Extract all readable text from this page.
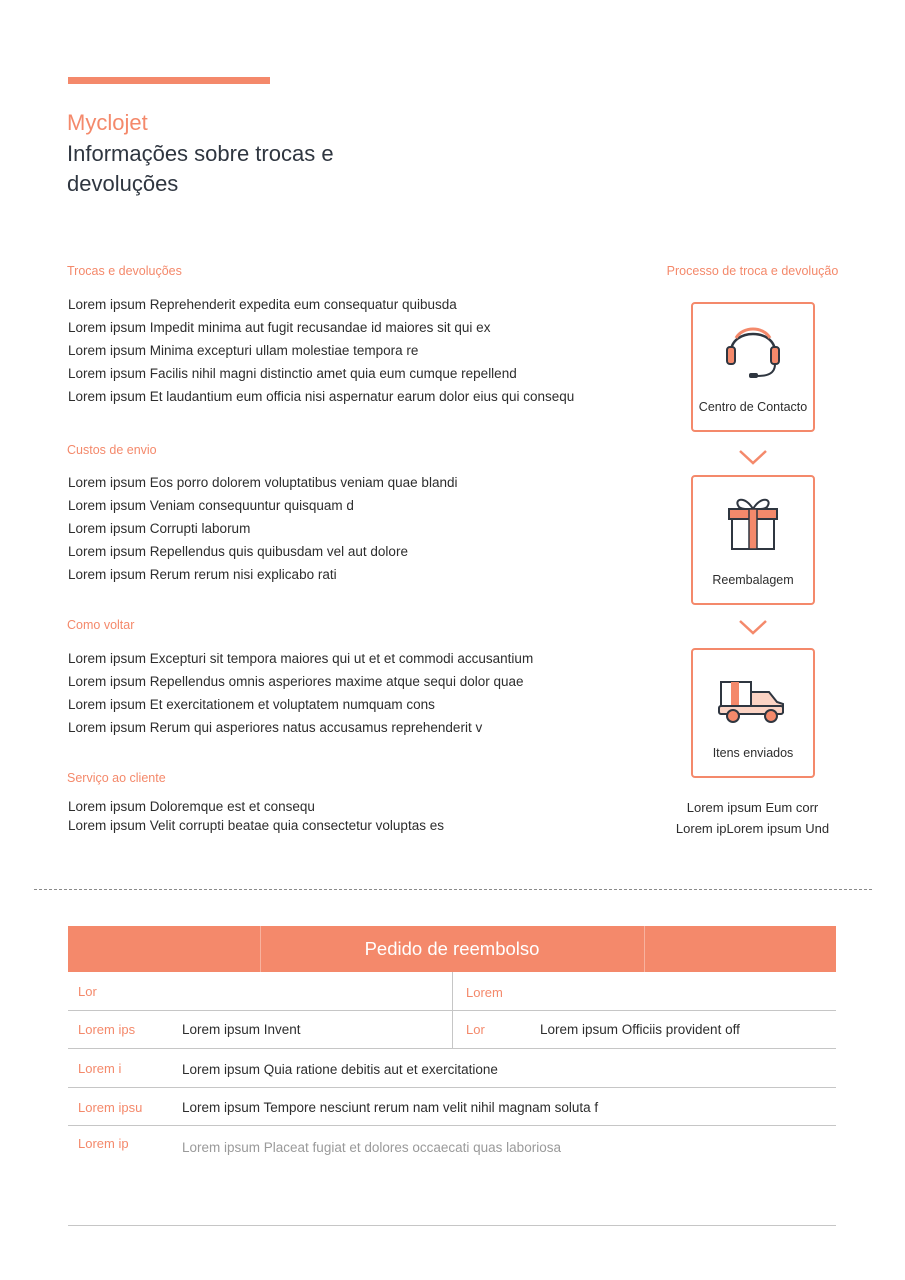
Myclojet
Informações sobre trocas e devoluções
Trocas e devoluções
Lorem ipsum Reprehenderit expedita eum consequatur quibusda
Lorem ipsum Impedit minima aut fugit recusandae id maiores sit qui ex
Lorem ipsum Minima excepturi ullam molestiae tempora re
Lorem ipsum Facilis nihil magni distinctio amet quia eum cumque repellend
Lorem ipsum Et laudantium eum officia nisi aspernatur earum dolor eius qui consequ
Custos de envio
Lorem ipsum Eos porro dolorem voluptatibus veniam quae blandi
Lorem ipsum Veniam consequuntur quisquam d
Lorem ipsum Corrupti laborum
Lorem ipsum Repellendus quis quibusdam vel aut dolore
Lorem ipsum Rerum rerum nisi explicabo rati
Como voltar
Lorem ipsum Excepturi sit tempora maiores qui ut et et commodi accusantium
Lorem ipsum Repellendus omnis asperiores maxime atque sequi dolor quae
Lorem ipsum Et exercitationem et voluptatem numquam cons
Lorem ipsum Rerum qui asperiores natus accusamus reprehenderit v
Serviço ao cliente
Lorem ipsum Doloremque est et consequ
Lorem ipsum Velit corrupti beatae quia consectetur voluptas es
Processo de troca e devolução
Centro de Contacto
Reembalagem
Itens enviados
Lorem ipsum Eum corr
Lorem ipLorem ipsum Und
Pedido de reembolso
Lor	Lorem
Lorem ips	Lorem ipsum Invent	Lor	Lorem ipsum Officiis provident off
Lorem i	Lorem ipsum Quia ratione debitis aut et exercitatione
Lorem ipsu	Lorem ipsum Tempore nesciunt rerum nam velit nihil magnam soluta f
Lorem ip	Lorem ipsum Placeat fugiat et dolores occaecati quas laboriosa
